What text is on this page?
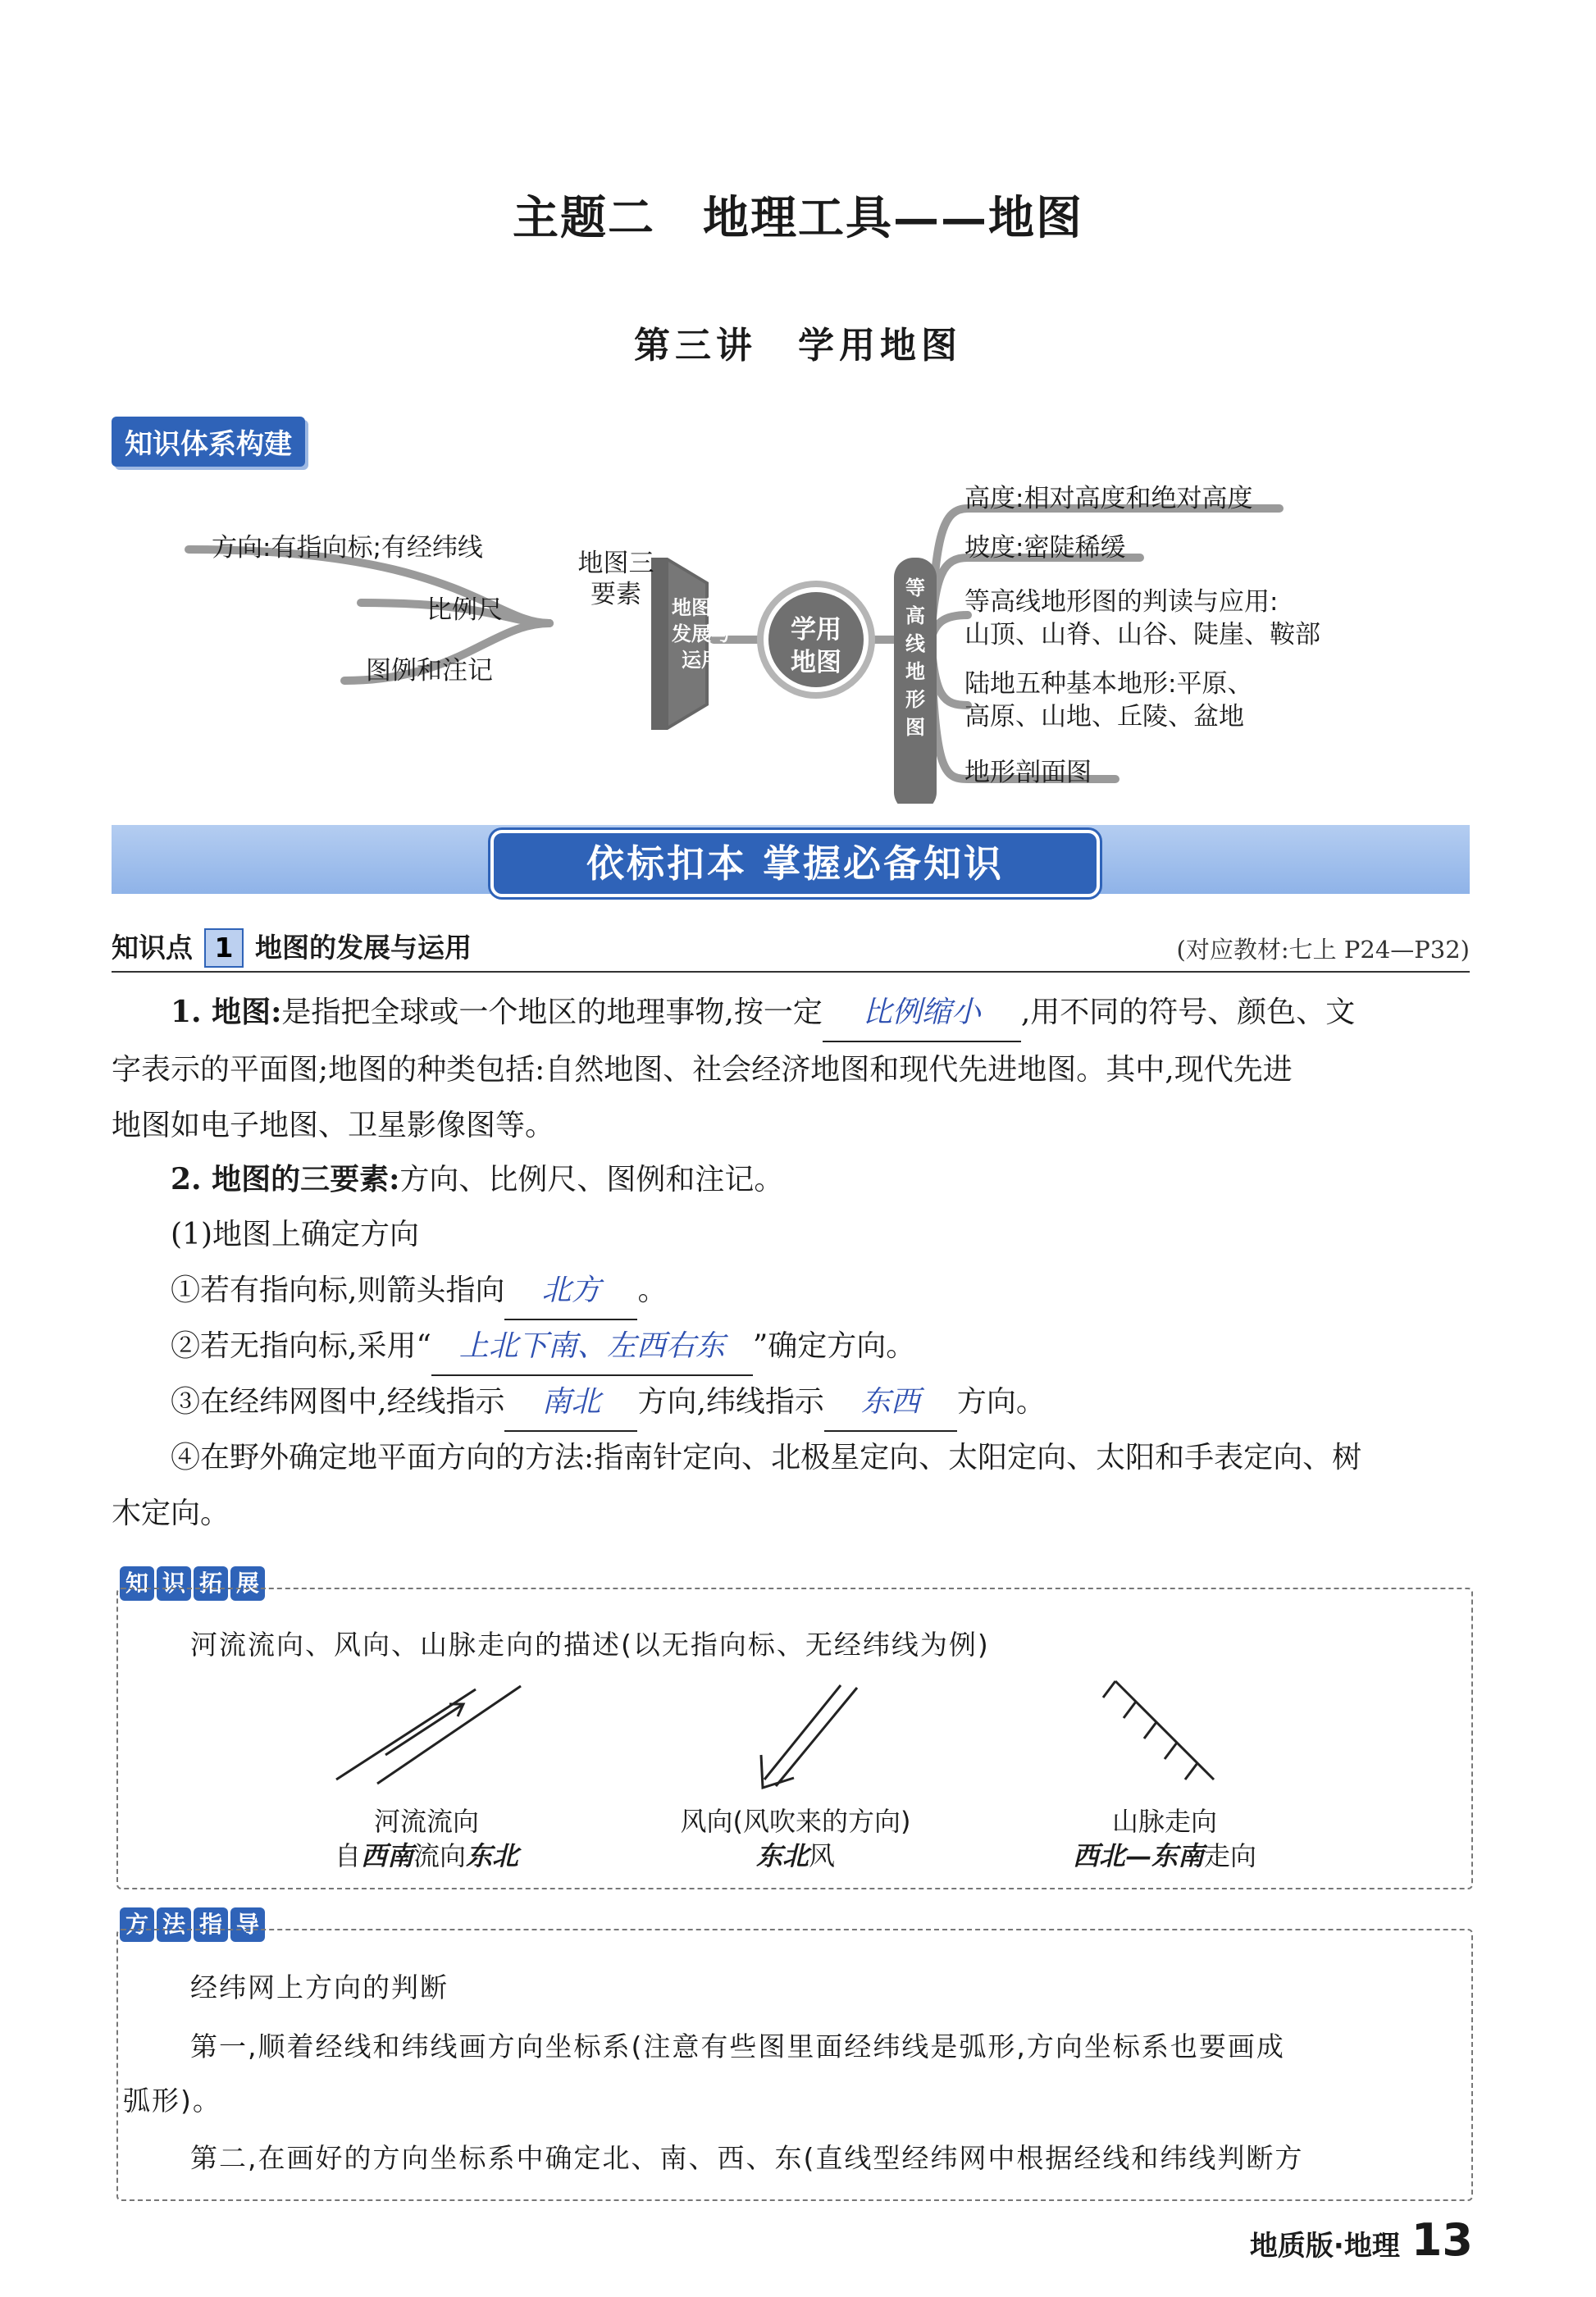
主题二　地理工具——地图
第三讲　学用地图
知识体系构建
方向:有指向标;有经纬线
比例尺
图例和注记
地图三要素	地图的发展与运用
学用地图
等高线地形图
高度:相对高度和绝对高度
坡度:密陡稀缓
等高线地形图的判读与应用:
山顶、山脊、山谷、陡崖、鞍部
陆地五种基本地形:平原、
高原、山地、丘陵、盆地
地形剖面图
依标扣本 掌握必备知识
知识点 1 地图的发展与运用	(对应教材:七上 P24—P32)
1. 地图:是指把全球或一个地区的地理事物,按一定 比例缩小 ,用不同的符号、颜色、文
字表示的平面图;地图的种类包括:自然地图、社会经济地图和现代先进地图。其中,现代先进
地图如电子地图、卫星影像图等。
2. 地图的三要素:方向、比例尺、图例和注记。
(1)地图上确定方向
①若有指向标,则箭头指向 北方 。
②若无指向标,采用“ 上北下南、左西右东 ”确定方向。
③在经纬网图中,经线指示 南北 方向,纬线指示 东西 方向。
④在野外确定地平面方向的方法:指南针定向、北极星定向、太阳定向、太阳和手表定向、树
木定向。
知 识 拓 展
河流流向、风向、山脉走向的描述(以无指向标、无经纬线为例)
河流流向
自西南流向东北
风向(风吹来的方向)
东北风
山脉走向
西北—东南走向
方 法 指 导
经纬网上方向的判断
第一,顺着经线和纬线画方向坐标系(注意有些图里面经纬线是弧形,方向坐标系也要画成
弧形)。
第二,在画好的方向坐标系中确定北、南、西、东(直线型经纬网中根据经线和纬线判断方
地质版·地理 13
